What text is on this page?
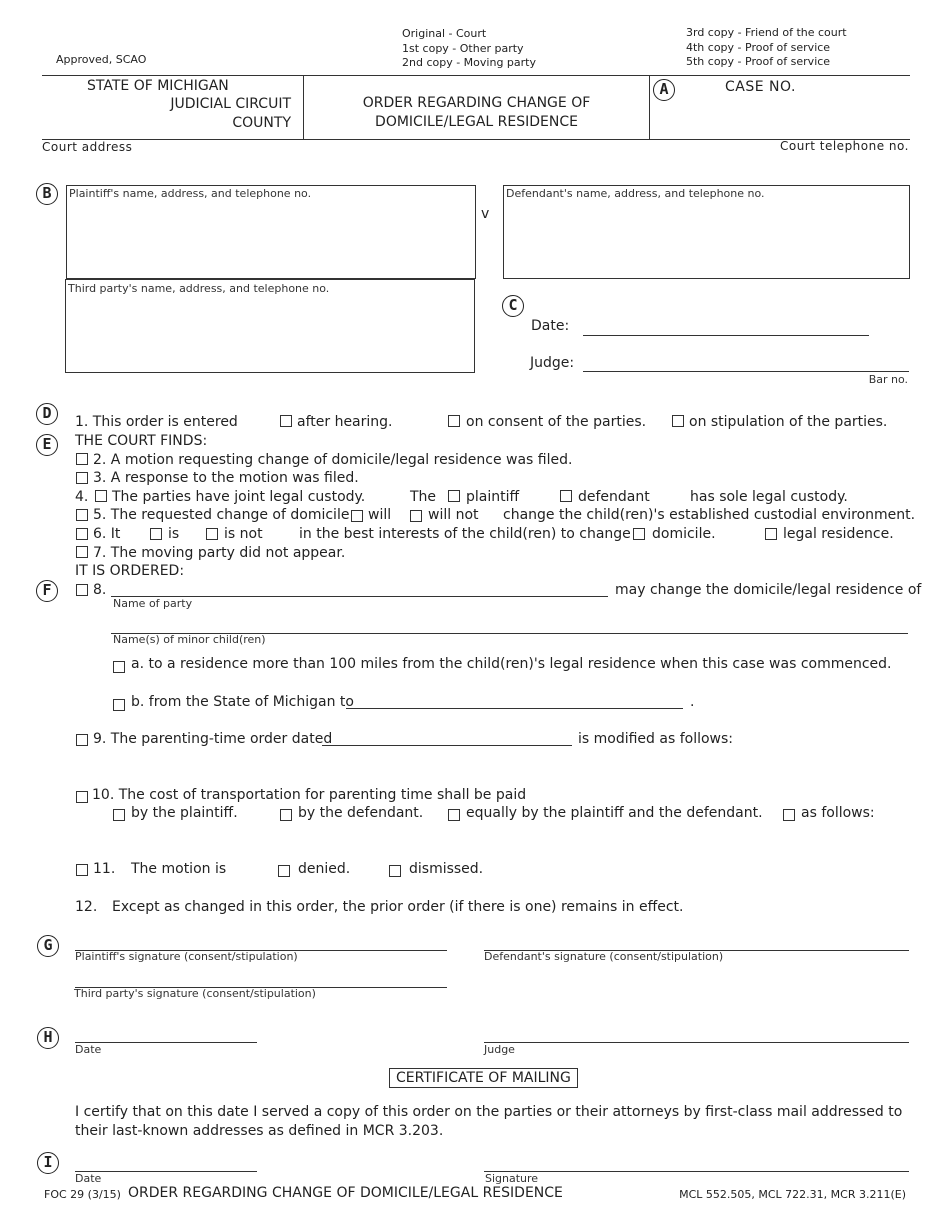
Approved, SCAO
Original - Court
1st copy - Other party
2nd copy - Moving party
3rd copy - Friend of the court
4th copy - Proof of service
5th copy - Proof of service
STATE OF MICHIGAN
JUDICIAL CIRCUIT
COUNTY
ORDER REGARDING CHANGE OF
DOMICILE/LEGAL RESIDENCE
A	CASE NO.
Court address	Court telephone no.
B	Plaintiff's name, address, and telephone no.
v
Defendant's name, address, and telephone no.
Third party's name, address, and telephone no.
C
Date:
Judge:
Bar no.
D	1. This order is entered	after hearing.	on consent of the parties.	on stipulation of the parties.
E	THE COURT FINDS:
2. A motion requesting change of domicile/legal residence was filed.
3. A response to the motion was filed.
4. The parties have joint legal custody.	The plaintiff	defendant	has sole legal custody.
5. The requested change of domicile will	will not change the child(ren)'s established custodial environment.
6. It	is	is not	in the best interests of the child(ren) to change domicile.	legal residence.
7. The moving party did not appear.
IT IS ORDERED:
F	8.	may change the domicile/legal residence of
Name of party
Name(s) of minor child(ren)
a. to a residence more than 100 miles from the child(ren)'s legal residence when this case was commenced.
b. from the State of Michigan to	.
9. The parenting-time order dated	is modified as follows:
10. The cost of transportation for parenting time shall be paid
by the plaintiff.	by the defendant.	equally by the plaintiff and the defendant.	as follows:
11. The motion is	denied.	dismissed.
12. Except as changed in this order, the prior order (if there is one) remains in effect.
G
Plaintiff's signature (consent/stipulation)	Defendant's signature (consent/stipulation)
Third party's signature (consent/stipulation)
H
Date	Judge
CERTIFICATE OF MAILING
I certify that on this date I served a copy of this order on the parties or their attorneys by first-class mail addressed to
their last-known addresses as defined in MCR 3.203.
I
Date	Signature
FOC 29 (3/15) ORDER REGARDING CHANGE OF DOMICILE/LEGAL RESIDENCE	MCL 552.505, MCL 722.31, MCR 3.211(E)
